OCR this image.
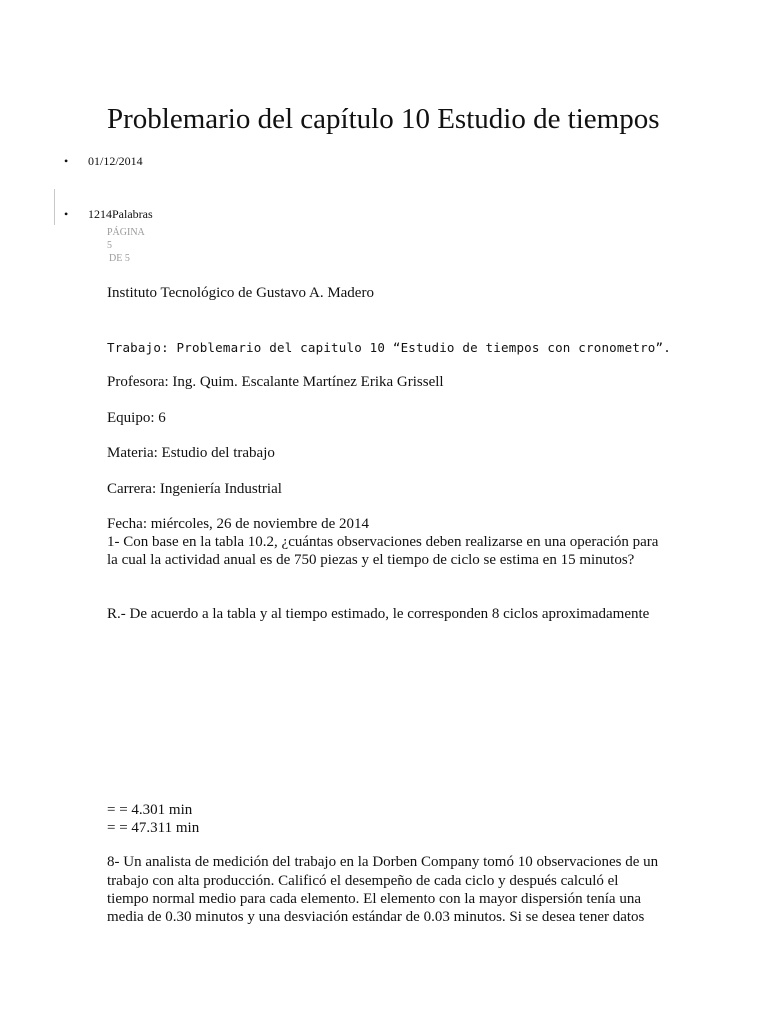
Problemario del capítulo 10 Estudio de tiempos
• 01/12/2014
• 1214Palabras
PÁGINA
5
DE 5
Instituto Tecnológico de Gustavo A. Madero
Trabajo: Problemario del capitulo 10 “Estudio de tiempos con cronometro”.
Profesora: Ing. Quim. Escalante Martínez Erika Grissell
Equipo: 6
Materia: Estudio del trabajo
Carrera: Ingeniería Industrial
Fecha: miércoles, 26 de noviembre de 2014
1- Con base en la tabla 10.2, ¿cuántas observaciones deben realizarse en una operación para
la cual la actividad anual es de 750 piezas y el tiempo de ciclo se estima en 15 minutos?
R.- De acuerdo a la tabla y al tiempo estimado, le corresponden 8 ciclos aproximadamente
= = 4.301 min
= = 47.311 min
8- Un analista de medición del trabajo en la Dorben Company tomó 10 observaciones de un
trabajo con alta producción. Calificó el desempeño de cada ciclo y después calculó el
tiempo normal medio para cada elemento. El elemento con la mayor dispersión tenía una
media de 0.30 minutos y una desviación estándar de 0.03 minutos. Si se desea tener datos
